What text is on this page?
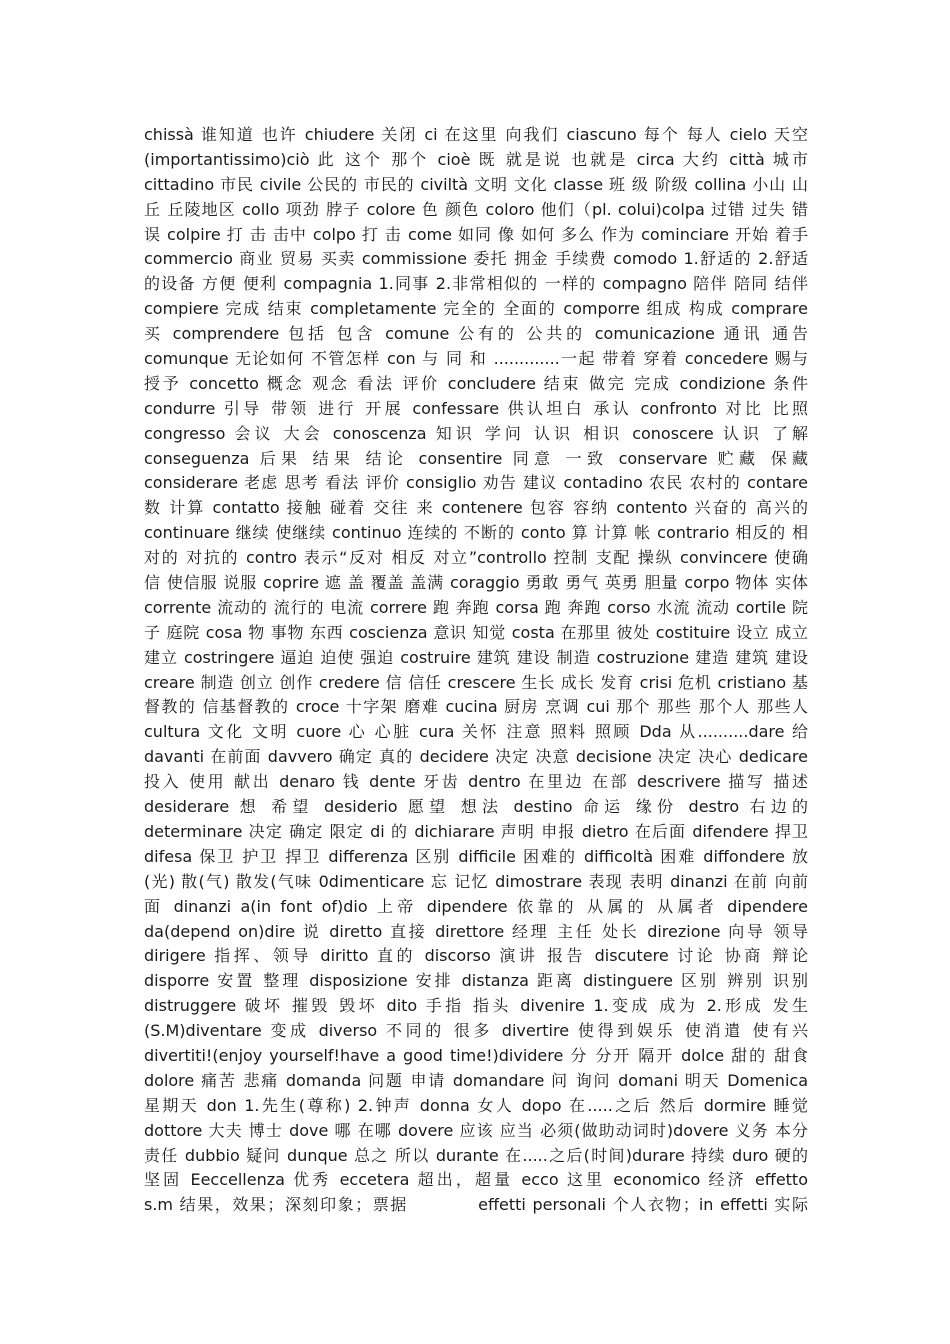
chissà 谁知道 也许 chiudere 关闭 ci 在这里 向我们 ciascuno 每个 每人 cielo 天空
(importantissimo)ciò 此 这个 那个 cioè 既 就是说 也就是 circa 大约 città 城市
cittadino 市民 civile 公民的 市民的 civiltà 文明 文化 classe 班 级 阶级 collina 小山 山
丘 丘陵地区 collo 项劲 脖子 colore 色 颜色 coloro 他们（pl. colui)colpa 过错 过失 错
误 colpire 打 击 击中 colpo 打 击 come 如同 像 如何 多么 作为 cominciare 开始 着手
commercio 商业 贸易 买卖 commissione 委托 拥金 手续费 comodo 1.舒适的 2.舒适
的设备 方便 便利 compagnia 1.同事 2.非常相似的 一样的 compagno 陪伴 陪同 结伴
compiere 完成 结束 completamente 完全的 全面的 comporre 组成 构成 comprare
买 comprendere 包括 包含 comune 公有的 公共的 comunicazione 通讯 通告
comunque 无论如何 不管怎样 con 与 同 和 .............一起 带着 穿着 concedere 赐与
授予 concetto 概念 观念 看法 评价 concludere 结束 做完 完成 condizione 条件
condurre 引导 带领 进行 开展 confessare 供认坦白 承认 confronto 对比 比照
congresso 会议 大会 conoscenza 知识 学问 认识 相识 conoscere 认识 了解
conseguenza 后果 结果 结论 consentire 同意 一致 conservare 贮藏 保藏
considerare 老虑 思考 看法 评价 consiglio 劝告 建议 contadino 农民 农村的 contare
数 计算 contatto 接触 碰着 交往 来 contenere 包容 容纳 contento 兴奋的 高兴的
continuare 继续 使继续 continuo 连续的 不断的 conto 算 计算 帐 contrario 相反的 相
对的 对抗的 contro 表示“反对 相反 对立”controllo 控制 支配 操纵 convincere 使确
信 使信服 说服 coprire 遮 盖 覆盖 盖满 coraggio 勇敢 勇气 英勇 胆量 corpo 物体 实体
corrente 流动的 流行的 电流 correre 跑 奔跑 corsa 跑 奔跑 corso 水流 流动 cortile 院
子 庭院 cosa 物 事物 东西 coscienza 意识 知觉 costa 在那里 彼处 costituire 设立 成立
建立 costringere 逼迫 迫使 强迫 costruire 建筑 建设 制造 costruzione 建造 建筑 建设
creare 制造 创立 创作 credere 信 信任 crescere 生长 成长 发育 crisi 危机 cristiano 基
督教的 信基督教的 croce 十字架 磨难 cucina 厨房 烹调 cui 那个 那些 那个人 那些人
cultura 文化 文明 cuore 心 心脏 cura 关怀 注意 照料 照顾 Dda 从..........dare 给
davanti 在前面 davvero 确定 真的 decidere 决定 决意 decisione 决定 决心 dedicare
投入 使用 献出 denaro 钱 dente 牙齿 dentro 在里边 在部 descrivere 描写 描述
desiderare 想 希望 desiderio 愿望 想法 destino 命运 缘份 destro 右边的
determinare 决定 确定 限定 di 的 dichiarare 声明 申报 dietro 在后面 difendere 捍卫
difesa 保卫 护卫 捍卫 differenza 区别 difficile 困难的 difficoltà 困难 diffondere 放
(光) 散(气) 散发(气味 0dimenticare 忘 记忆 dimostrare 表现 表明 dinanzi 在前 向前
面 dinanzi a(in font of)dio 上帝 dipendere 依靠的 从属的 从属者 dipendere
da(depend on)dire 说 diretto 直接 direttore 经理 主任 处长 direzione 向导 领导
dirigere 指挥、领导 diritto 直的 discorso 演讲 报告 discutere 讨论 协商 辩论
disporre 安置 整理 disposizione 安排 distanza 距离 distinguere 区别 辨别 识别
distruggere 破坏 摧毁 毁坏 dito 手指 指头 divenire 1.变成 成为 2.形成 发生
(S.M)diventare 变成 diverso 不同的 很多 divertire 使得到娱乐 使消遣 使有兴
divertiti!(enjoy yourself!have a good time!)dividere 分 分开 隔开 dolce 甜的 甜食
dolore 痛苦 悲痛 domanda 问题 申请 domandare 问 询问 domani 明天 Domenica
星期天 don 1.先生(尊称) 2.钟声 donna 女人 dopo 在.....之后 然后 dormire 睡觉
dottore 大夫 博士 dove 哪 在哪 dovere 应该 应当 必须(做助动词时)dovere 义务 本分
责任 dubbio 疑问 dunque 总之 所以 durante 在.....之后(时间)durare 持续 duro 硬的
坚固 Eeccellenza 优秀 eccetera 超出，超量 ecco 这里 economico 经济 effetto
s.m 结果，效果；深刻印象；票据　　　　effetti personali 个人衣物；in effetti 实际
